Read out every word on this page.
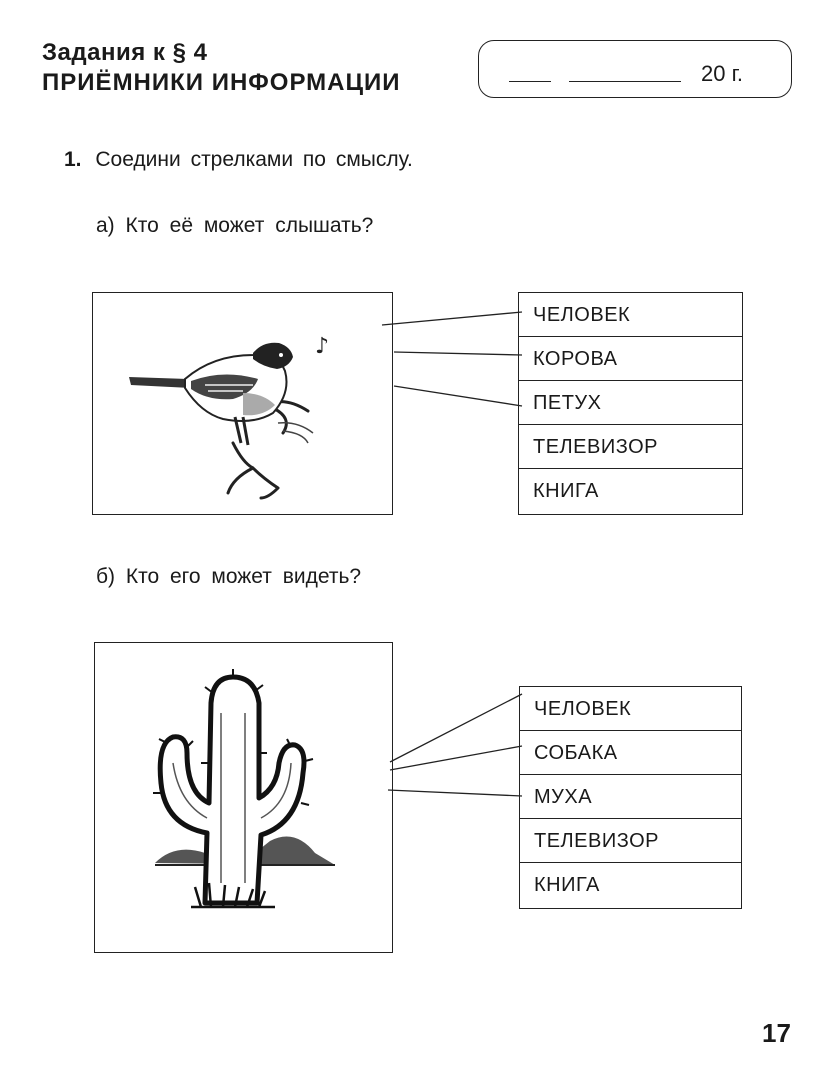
Задания к § 4
ПРИЁМНИКИ ИНФОРМАЦИИ	20 г.
1. Соедини стрелками по смыслу.
а) Кто её может слышать?
♪
ЧЕЛОВЕК
КОРОВА
ПЕТУХ
ТЕЛЕВИЗОР
КНИГА
б) Кто его может видеть?
ЧЕЛОВЕК
СОБАКА
МУХА
ТЕЛЕВИЗОР
КНИГА
17
